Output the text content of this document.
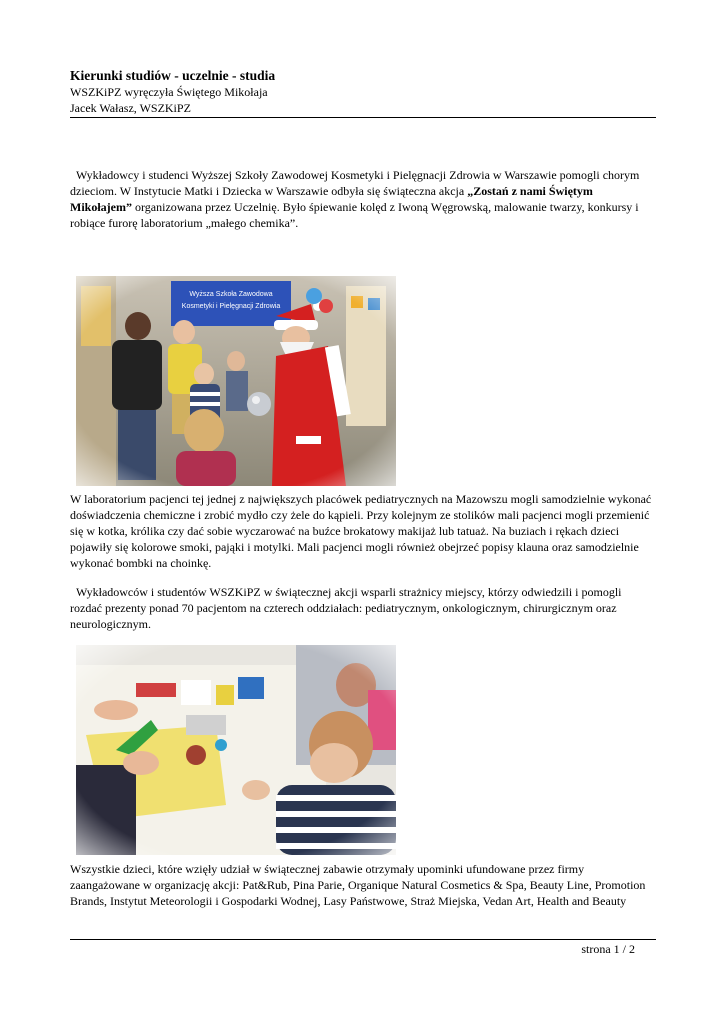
Kierunki studiów - uczelnie - studia
WSZKiPZ wyręczyła Świętego Mikołaja
Jacek Wałasz, WSZKiPZ

Wykładowcy i studenci Wyższej Szkoły Zawodowej Kosmetyki i Pielęgnacji Zdrowia w Warszawie pomogli chorym dzieciom. W Instytucie Matki i Dziecka w Warszawie odbyła się świąteczna akcja „Zostań z nami Świętym Mikołajem” organizowana przez Uczelnię. Było śpiewanie kolęd z Iwoną Węgrowską, malowanie twarzy, konkursy i robiące furorę laboratorium „małego chemika”.

W laboratorium pacjenci tej jednej z największych placówek pediatrycznych na Mazowszu mogli samodzielnie wykonać doświadczenia chemiczne i zrobić mydło czy żele do kąpieli. Przy kolejnym ze stolików mali pacjenci mogli przemienić się w kotka, królika czy dać sobie wyczarować na buźce brokatowy makijaż lub tatuaż. Na buziach i rękach dzieci pojawiły się kolorowe smoki, pająki i motylki. Mali pacjenci mogli również obejrzeć popisy klauna oraz samodzielnie wykonać bombki na choinkę.

Wykładowców i studentów WSZKiPZ w świątecznej akcji wsparli strażnicy miejscy, którzy odwiedzili i pomogli rozdać prezenty ponad 70 pacjentom na czterech oddziałach: pediatrycznym, onkologicznym, chirurgicznym oraz neurologicznym.

Wszystkie dzieci, które wzięły udział w świątecznej zabawie otrzymały upominki ufundowane przez firmy zaangażowane w organizację akcji: Pat&Rub, Pina Parie, Organique Natural Cosmetics & Spa, Beauty Line, Promotion Brands, Instytut Meteorologii i Gospodarki Wodnej, Lasy Państwowe, Straż Miejska, Vedan Art, Health and Beauty

strona 1 / 2
